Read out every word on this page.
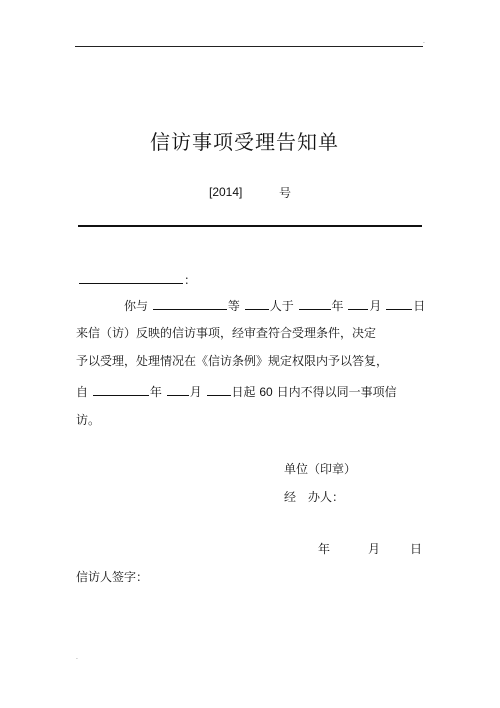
.
信访事项受理告知单
[2014]	号
：
你与	等 人于	年 月	日
来信（访）反映的信访事项，经审查符合受理条件，决定
予以受理，处理情况在《信访条例》规定权限内予以答复，
自	年 月 日起 60 日内不得以同一事项信
访。
单位（印章）
经　办人：
年	月 日
信访人签字：
.
